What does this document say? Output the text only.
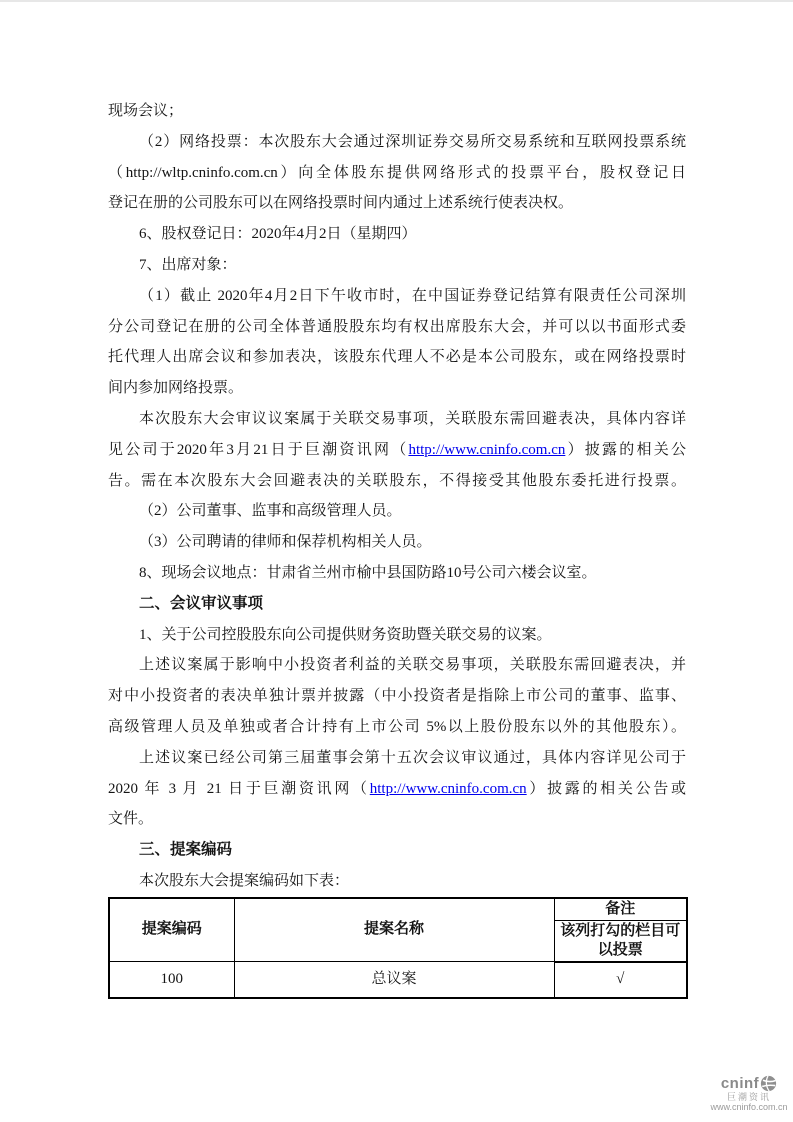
现场会议；
（2）网络投票：本次股东大会通过深圳证券交易所交易系统和互联网投票系统
（http://wltp.cninfo.com.cn）向全体股东提供网络形式的投票平台，股权登记日
登记在册的公司股东可以在网络投票时间内通过上述系统行使表决权。
6、股权登记日：2020年4月2日（星期四）
7、出席对象：
（1）截止 2020年4月2日下午收市时，在中国证券登记结算有限责任公司深圳
分公司登记在册的公司全体普通股股东均有权出席股东大会，并可以以书面形式委
托代理人出席会议和参加表决，该股东代理人不必是本公司股东，或在网络投票时
间内参加网络投票。
本次股东大会审议议案属于关联交易事项，关联股东需回避表决，具体内容详
见公司于2020年3月21日于巨潮资讯网（http://www.cninfo.com.cn）披露的相关公
告。需在本次股东大会回避表决的关联股东，不得接受其他股东委托进行投票。
（2）公司董事、监事和高级管理人员。
（3）公司聘请的律师和保荐机构相关人员。
8、现场会议地点：甘肃省兰州市榆中县国防路10号公司六楼会议室。
二、会议审议事项
1、关于公司控股股东向公司提供财务资助暨关联交易的议案。
上述议案属于影响中小投资者利益的关联交易事项，关联股东需回避表决，并
对中小投资者的表决单独计票并披露（中小投资者是指除上市公司的董事、监事、
高级管理人员及单独或者合计持有上市公司 5%以上股份股东以外的其他股东）。
上述议案已经公司第三届董事会第十五次会议审议通过，具体内容详见公司于
2020 年 3 月 21 日于巨潮资讯网（http://www.cninfo.com.cn）披露的相关公告或
文件。
三、提案编码
本次股东大会提案编码如下表：
提案编码	提案名称	备注
		该列打勾的栏目可以投票
100	总议案	√
cninf
巨潮资讯
www.cninfo.com.cn
